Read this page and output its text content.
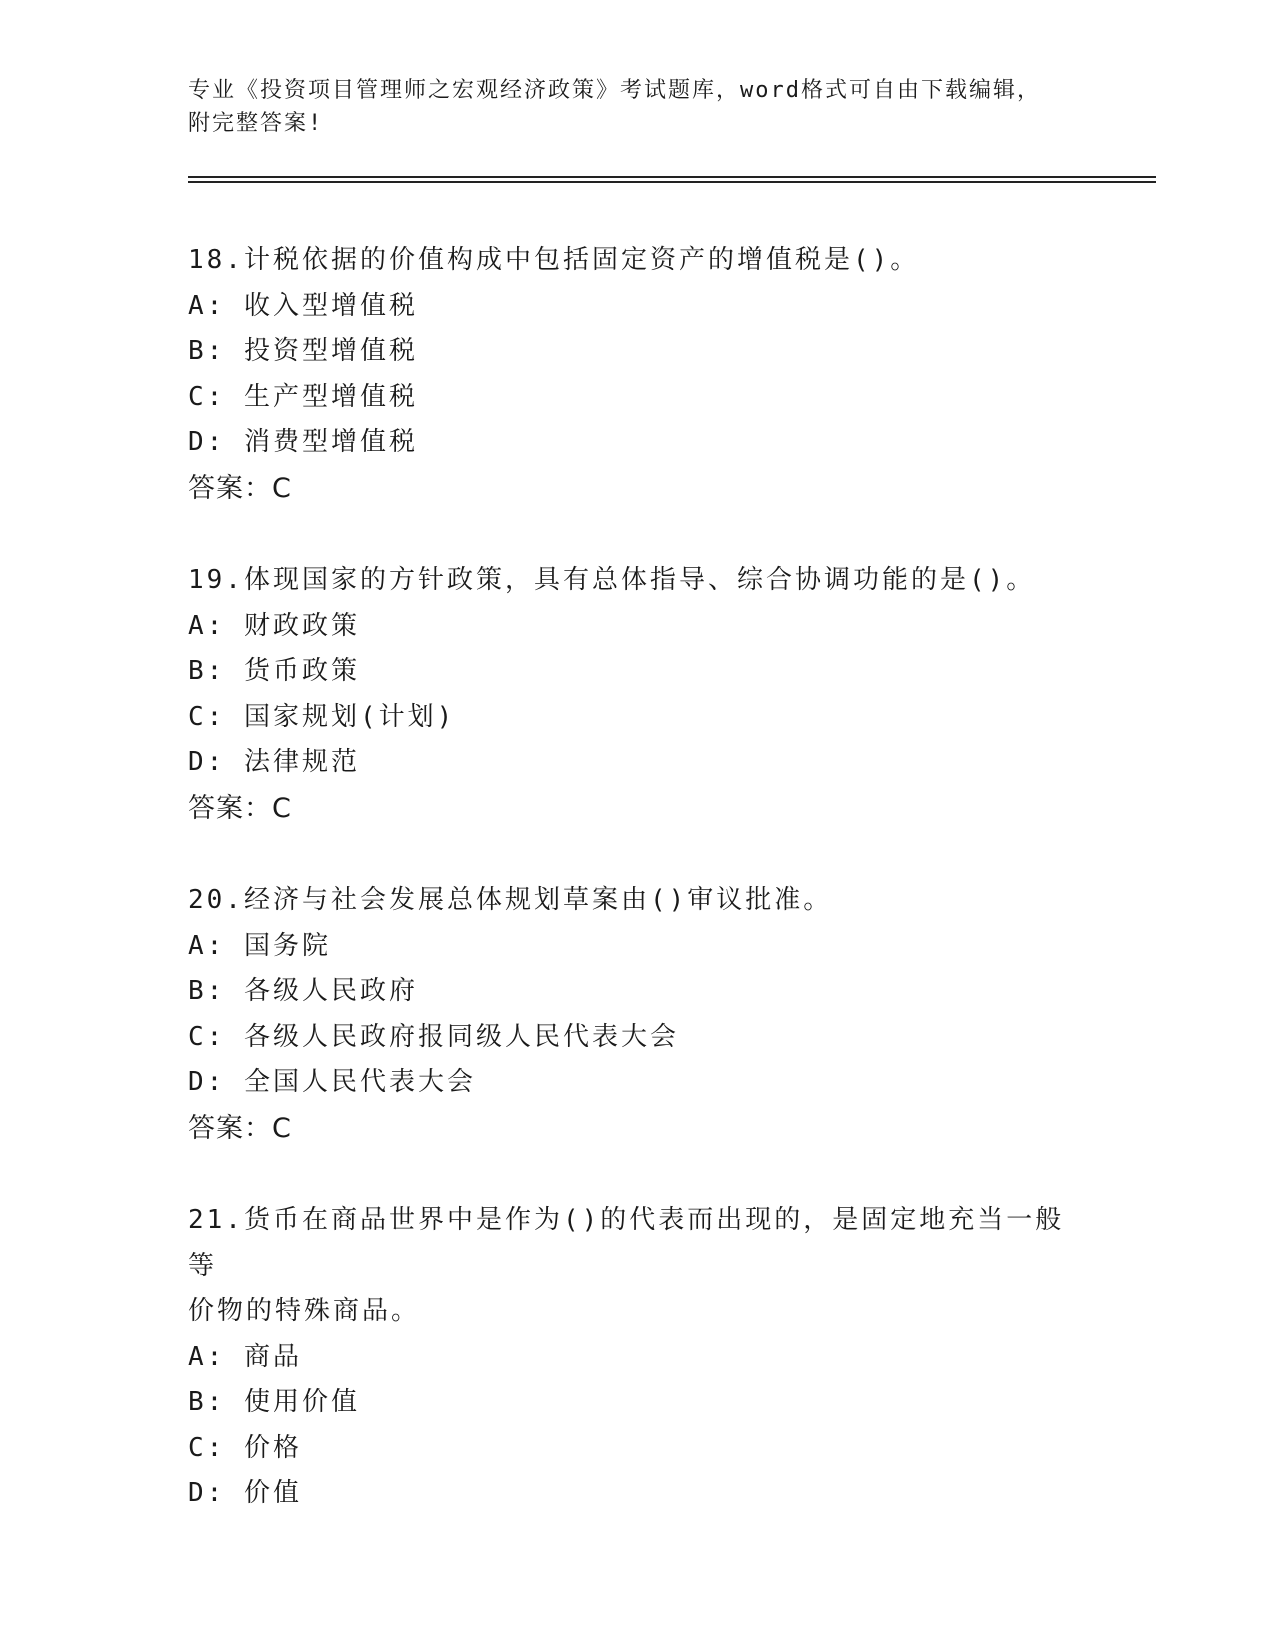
专业《投资项目管理师之宏观经济政策》考试题库，word格式可自由下载编辑，
附完整答案!
18.计税依据的价值构成中包括固定资产的增值税是()。
A: 收入型增值税
B: 投资型增值税
C: 生产型增值税
D: 消费型增值税
答案：C
19.体现国家的方针政策，具有总体指导、综合协调功能的是()。
A: 财政政策
B: 货币政策
C: 国家规划(计划)
D: 法律规范
答案：C
20.经济与社会发展总体规划草案由()审议批准。
A: 国务院
B: 各级人民政府
C: 各级人民政府报同级人民代表大会
D: 全国人民代表大会
答案：C
21.货币在商品世界中是作为()的代表而出现的，是固定地充当一般等
价物的特殊商品。
A: 商品
B: 使用价值
C: 价格
D: 价值
